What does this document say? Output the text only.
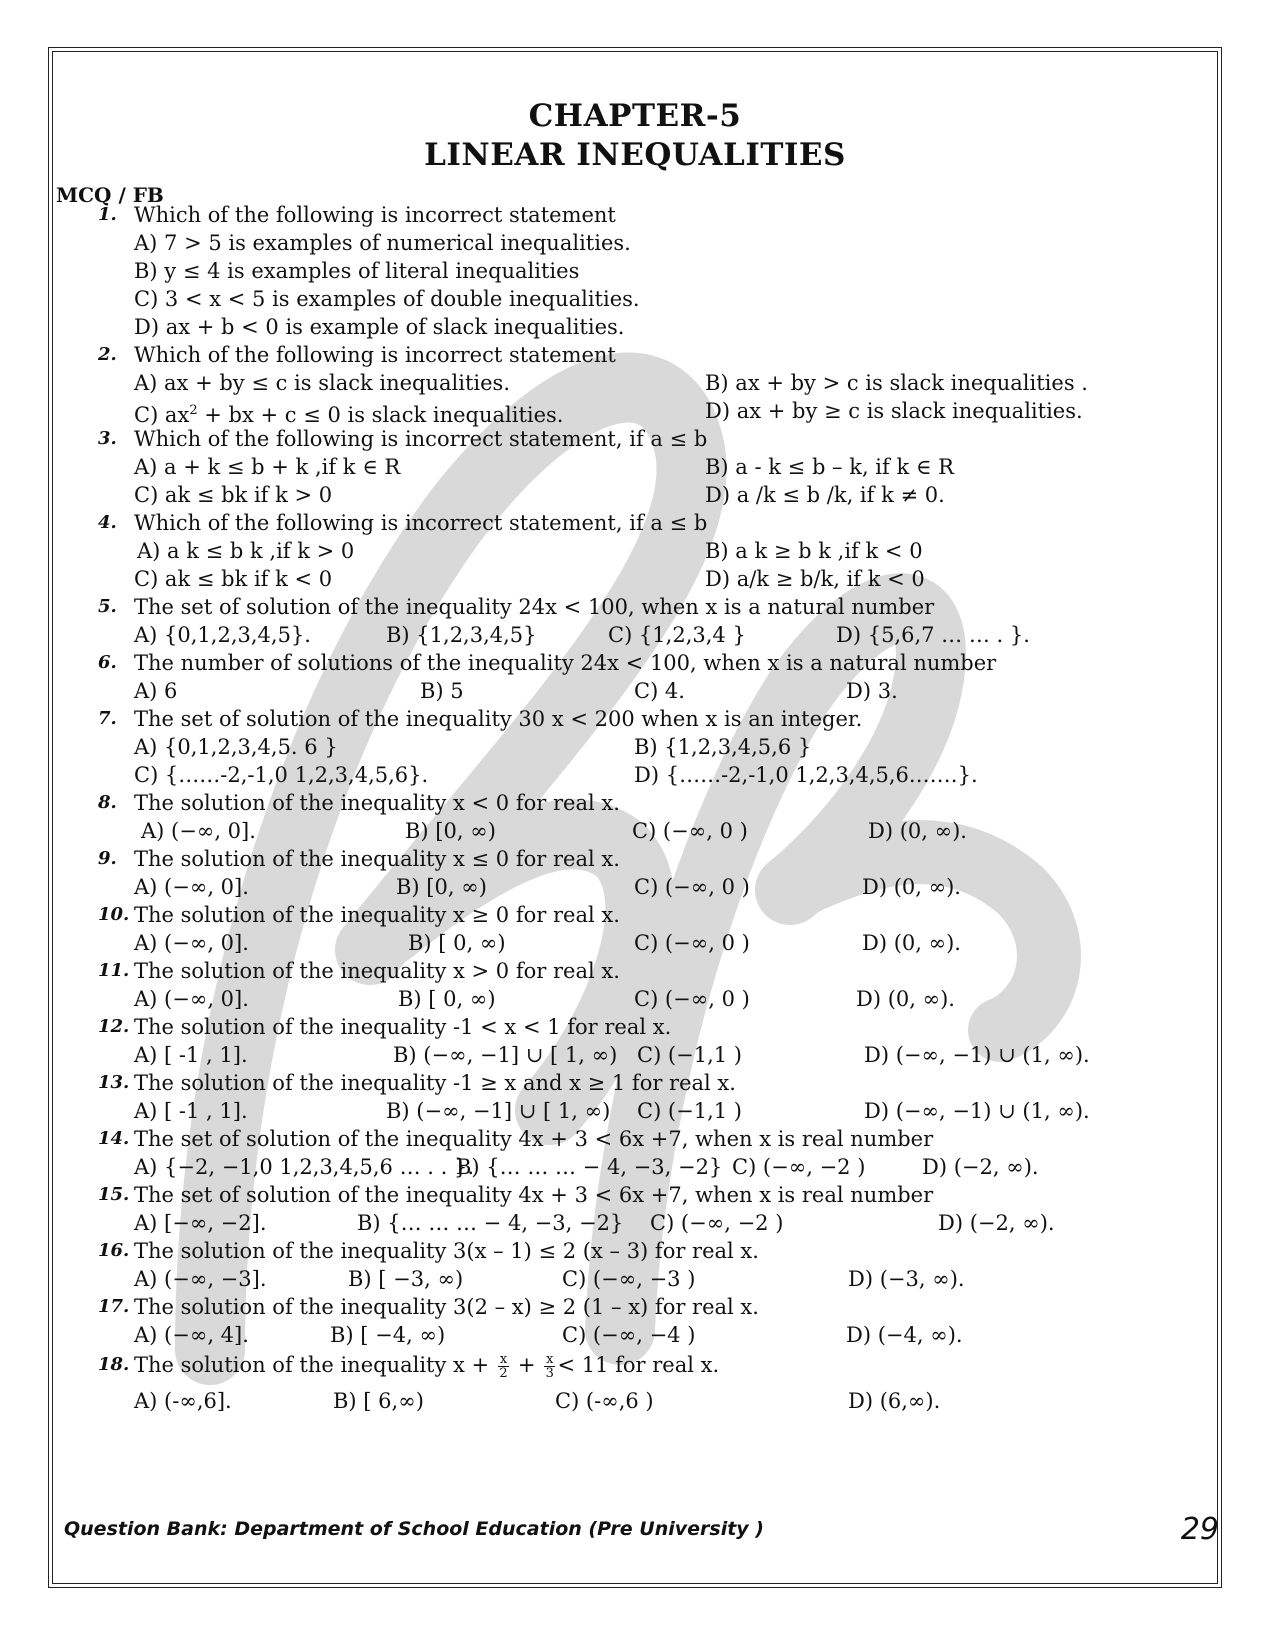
CHAPTER-5
LINEAR INEQUALITIES
MCQ / FB
1. Which of the following is incorrect statement
A) 7 > 5 is examples of numerical inequalities.
B) y ≤ 4 is examples of literal inequalities
C) 3 < x < 5 is examples of double inequalities.
D) ax + b < 0 is example of slack inequalities.
2. Which of the following is incorrect statement
A) ax + by ≤ c is slack inequalities.	B) ax + by > c is slack inequalities .
C) $ax^2$ + bx + c ≤ 0 is slack inequalities.	D) ax + by ≥ c is slack inequalities.
3. Which of the following is incorrect statement, if a ≤ b
A) a + k ≤ b + k ,if k ∈ R	B) a - k ≤ b – k, if k ∈ R
C) ak ≤ bk if k > 0	D) a /k ≤ b /k, if k ≠ 0.
4. Which of the following is incorrect statement, if a ≤ b
A) a k ≤ b k ,if k > 0	B) a k ≥ b k ,if k < 0
C) ak ≤ bk if k < 0	D) a/k ≥ b/k, if k < 0
5. The set of solution of the inequality 24x < 100, when x is a natural number
A) {0,1,2,3,4,5}.	B) {1,2,3,4,5}	C) {1,2,3,4 }	D) {5,6,7 … … . }.
6. The number of solutions of the inequality 24x < 100, when x is a natural number
A) 6	B) 5	C) 4.	D) 3.
7. The set of solution of the inequality 30 x < 200 when x is an integer.
A) {0,1,2,3,4,5. 6 }	B) {1,2,3,4,5,6 }
C) {……-2,-1,0 1,2,3,4,5,6}.	D) {……-2,-1,0 1,2,3,4,5,6.……}.
8. The solution of the inequality x < 0 for real x.
A) (−∞, 0].	B) [0, ∞)	C) (−∞, 0 )	D) (0, ∞).
9. The solution of the inequality x ≤ 0 for real x.
A) (−∞, 0].	B) [0, ∞)	C) (−∞, 0 )	D) (0, ∞).
10. The solution of the inequality x ≥ 0 for real x.
A) (−∞, 0].	B) [ 0, ∞)	C) (−∞, 0 )	D) (0, ∞).
11. The solution of the inequality x > 0 for real x.
A) (−∞, 0].	B) [ 0, ∞)	C) (−∞, 0 )	D) (0, ∞).
12. The solution of the inequality -1 < x < 1 for real x.
A) [ -1 , 1].	B) (−∞, −1] ∪ [ 1, ∞) C) (−1,1 )	D) (−∞, −1) ∪ (1, ∞).
13. The solution of the inequality -1 ≥ x and x ≥ 1 for real x.
A) [ -1 , 1].	B) (−∞, −1] ∪ [ 1, ∞) C) (−1,1 )	D) (−∞, −1) ∪ (1, ∞).
14. The set of solution of the inequality 4x + 3 < 6x +7, when x is real number
A) {−2, −1,0 1,2,3,4,5,6 … . . }.
B) {… … … − 4, −3, −2} C) (−∞, −2 )	D) (−2, ∞).
15. The set of solution of the inequality 4x + 3 < 6x +7, when x is real number
A) [−∞, −2].	B) {… … … − 4, −3, −2} C) (−∞, −2 )	D) (−2, ∞).
16. The solution of the inequality 3(x – 1) ≤ 2 (x – 3) for real x.
A) (−∞, −3].	B) [ −3, ∞)	C) (−∞, −3 )	D) (−3, ∞).
17. The solution of the inequality 3(2 – x) ≥ 2 (1 – x) for real x.
A) (−∞, 4].	B) [ −4, ∞)	C) (−∞, −4 )	D) (−4, ∞).
18. The solution of the inequality $x + \frac{x}{2} + \frac{x}{3} < 11$ for real x.
A) (-∞,6].	B) [ 6,∞)	C) (-∞,6 )	D) (6,∞).
Question Bank: Department of School Education (Pre University )	29
